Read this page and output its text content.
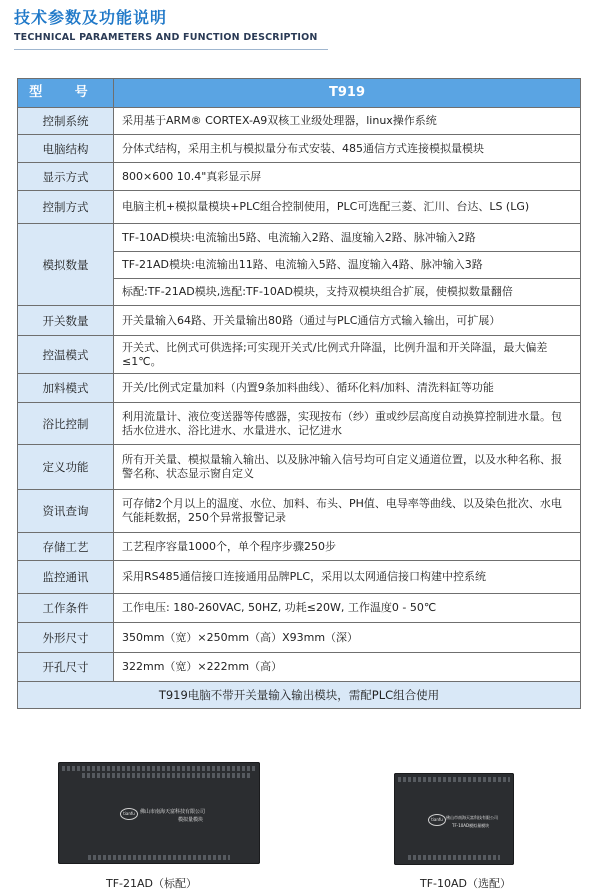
技术参数及功能说明
TECHNICAL PARAMETERS AND FUNCTION DESCRIPTION
型 号	T919
控制系统	采用基于ARM® CORTEX-A9双核工业级处理器，linux操作系统
电脑结构	分体式结构，采用主机与模拟量分布式安装、485通信方式连接模拟量模块
显示方式	800×600 10.4"真彩显示屏
控制方式	电脑主机+模拟量模块+PLC组合控制使用，PLC可选配三菱、汇川、台达、LS (LG)
模拟数量	TF-10AD模块:电流输出5路、电流输入2路、温度输入2路、脉冲输入2路
	TF-21AD模块:电流输出11路、电流输入5路、温度输入4路、脉冲输入3路
	标配:TF-21AD模块,选配:TF-10AD模块，支持双模块组合扩展，使模拟数量翻倍
开关数量	开关量输入64路、开关量输出80路（通过与PLC通信方式输入输出，可扩展）
控温模式	开关式、比例式可供选择;可实现开关式/比例式升降温，比例升温和开关降温，最大偏差≤1℃。
加料模式	开关/比例式定量加料（内置9条加料曲线）、循环化料/加料、清洗料缸等功能
浴比控制	利用流量计、液位变送器等传感器，实现按布（纱）重或纱层高度自动换算控制进水量。包括水位进水、浴比进水、水量进水、记忆进水
定义功能	所有开关量、模拟量输入输出、以及脉冲输入信号均可自定义通道位置，以及水种名称、报警名称、状态显示窗自定义
资讯查询	可存储2个月以上的温度、水位、加料、布头、PH值、电导率等曲线、以及染色批次、水电气能耗数据，250个异常报警记录
存储工艺	工艺程序容量1000个，单个程序步骤250步
监控通讯	采用RS485通信接口连接通用品牌PLC，采用以太网通信接口构建中控系统
工作条件	工作电压: 180-260VAC, 50HZ, 功耗≤20W, 工作温度0 - 50℃
外形尺寸	350mm（宽）×250mm（高）X93mm（深）
开孔尺寸	322mm（宽）×222mm（高）
T919电脑不带开关量输入输出模块，需配PLC组合使用	
tianfu	佛山市南海天富科技有限公司
模拟量模块
TF-21AD（标配）
tianfu 佛山市南海天富科技有限公司
TF-10AD模拟量模块
TF-10AD（选配）
